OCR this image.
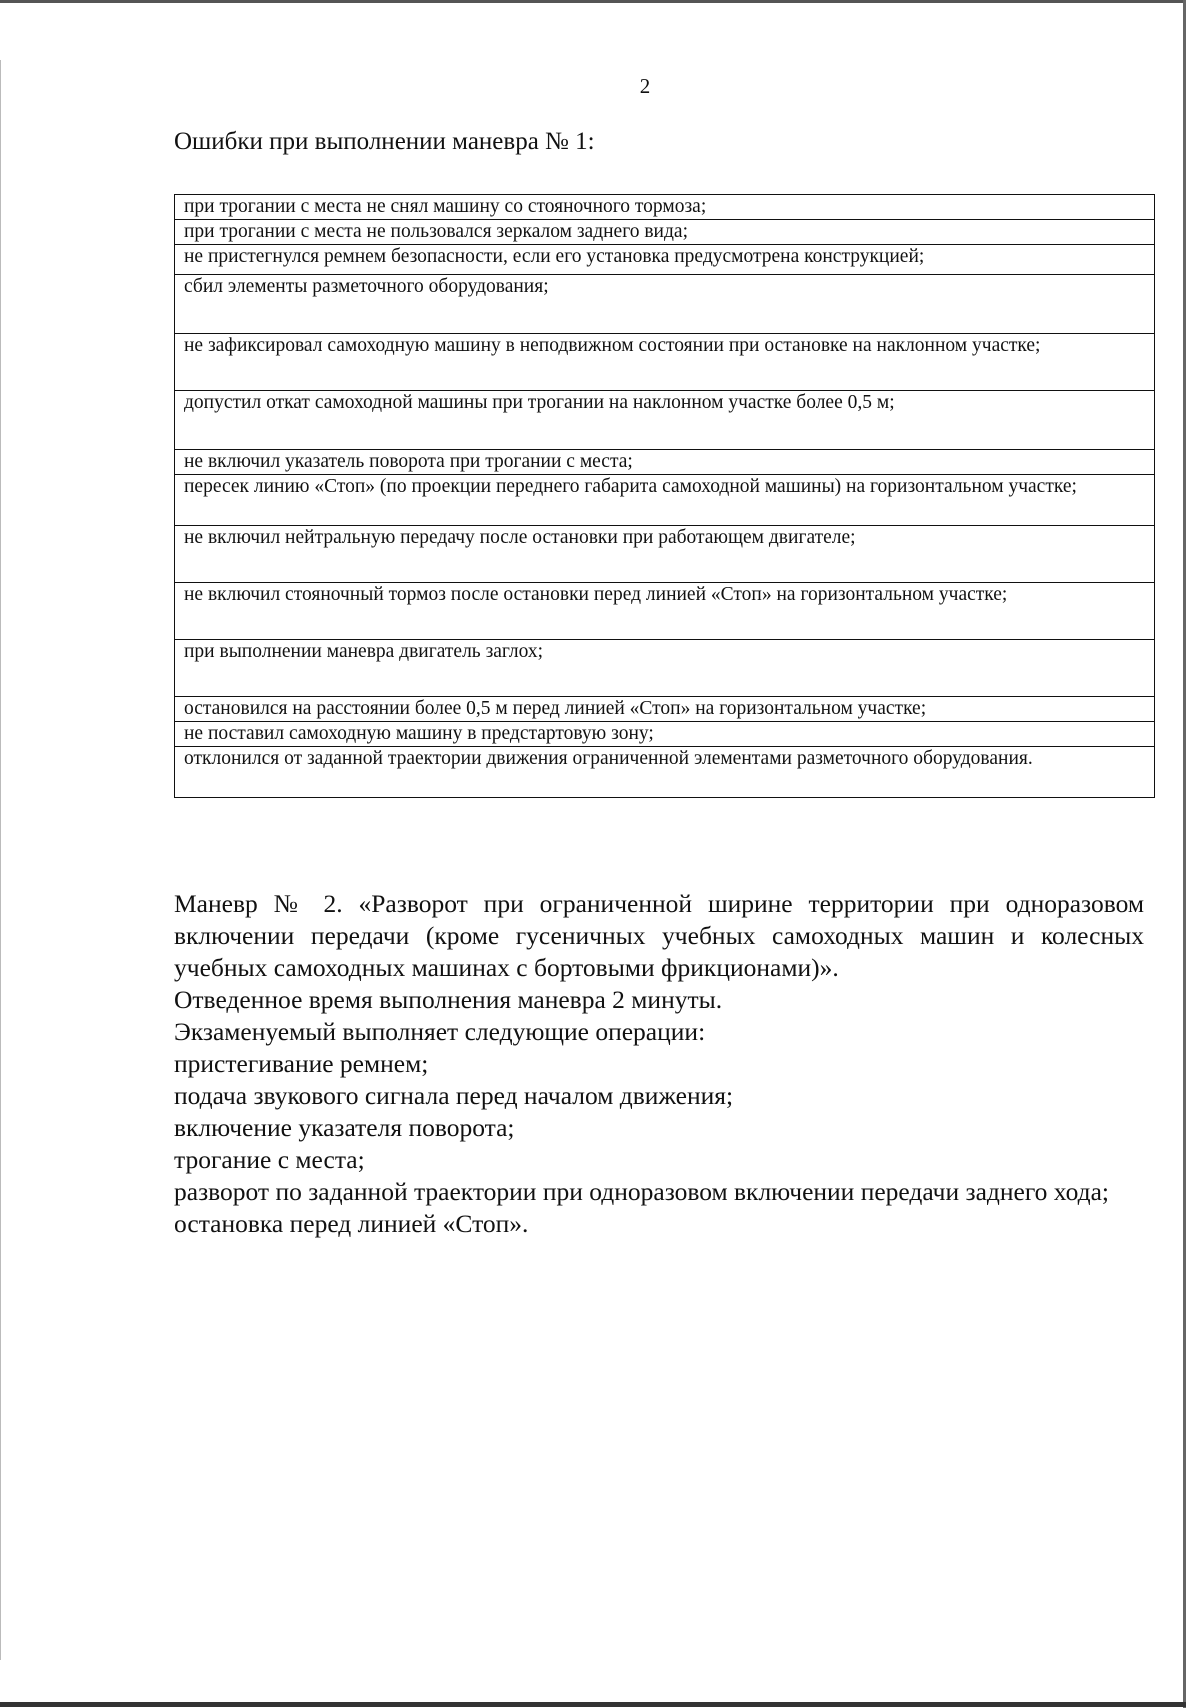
2
Ошибки при выполнении маневра № 1:
при трогании с места не снял машину со стояночного тормоза;
при трогании с места не пользовался зеркалом заднего вида;
не пристегнулся ремнем безопасности, если его установка предусмотрена конструкцией;
сбил элементы разметочного оборудования;
не зафиксировал самоходную машину в неподвижном состоянии при остановке на наклонном участке;
допустил откат самоходной машины при трогании на наклонном участке более 0,5 м;
не включил указатель поворота при трогании с места;
пересек линию «Стоп» (по проекции переднего габарита самоходной машины) на горизонтальном участке;
не включил нейтральную передачу после остановки при работающем двигателе;
не включил стояночный тормоз после остановки перед линией «Стоп» на горизонтальном участке;
при выполнении маневра двигатель заглох;
остановился на расстоянии более 0,5 м перед линией «Стоп» на горизонтальном участке;
не поставил самоходную машину в предстартовую зону;
отклонился от заданной траектории движения ограниченной элементами разметочного оборудования.

Маневр № 2. «Разворот при ограниченной ширине территории при одноразовом включении передачи (кроме гусеничных учебных самоходных машин и колесных учебных самоходных машинах с бортовыми фрикционами)».

Отведенное время выполнения маневра 2 минуты.

Экзаменуемый выполняет следующие операции:

пристегивание ремнем;

подача звукового сигнала перед началом движения;

включение указателя поворота;

трогание с места;

разворот по заданной траектории при одноразовом включении передачи заднего хода;

остановка перед линией «Стоп».
